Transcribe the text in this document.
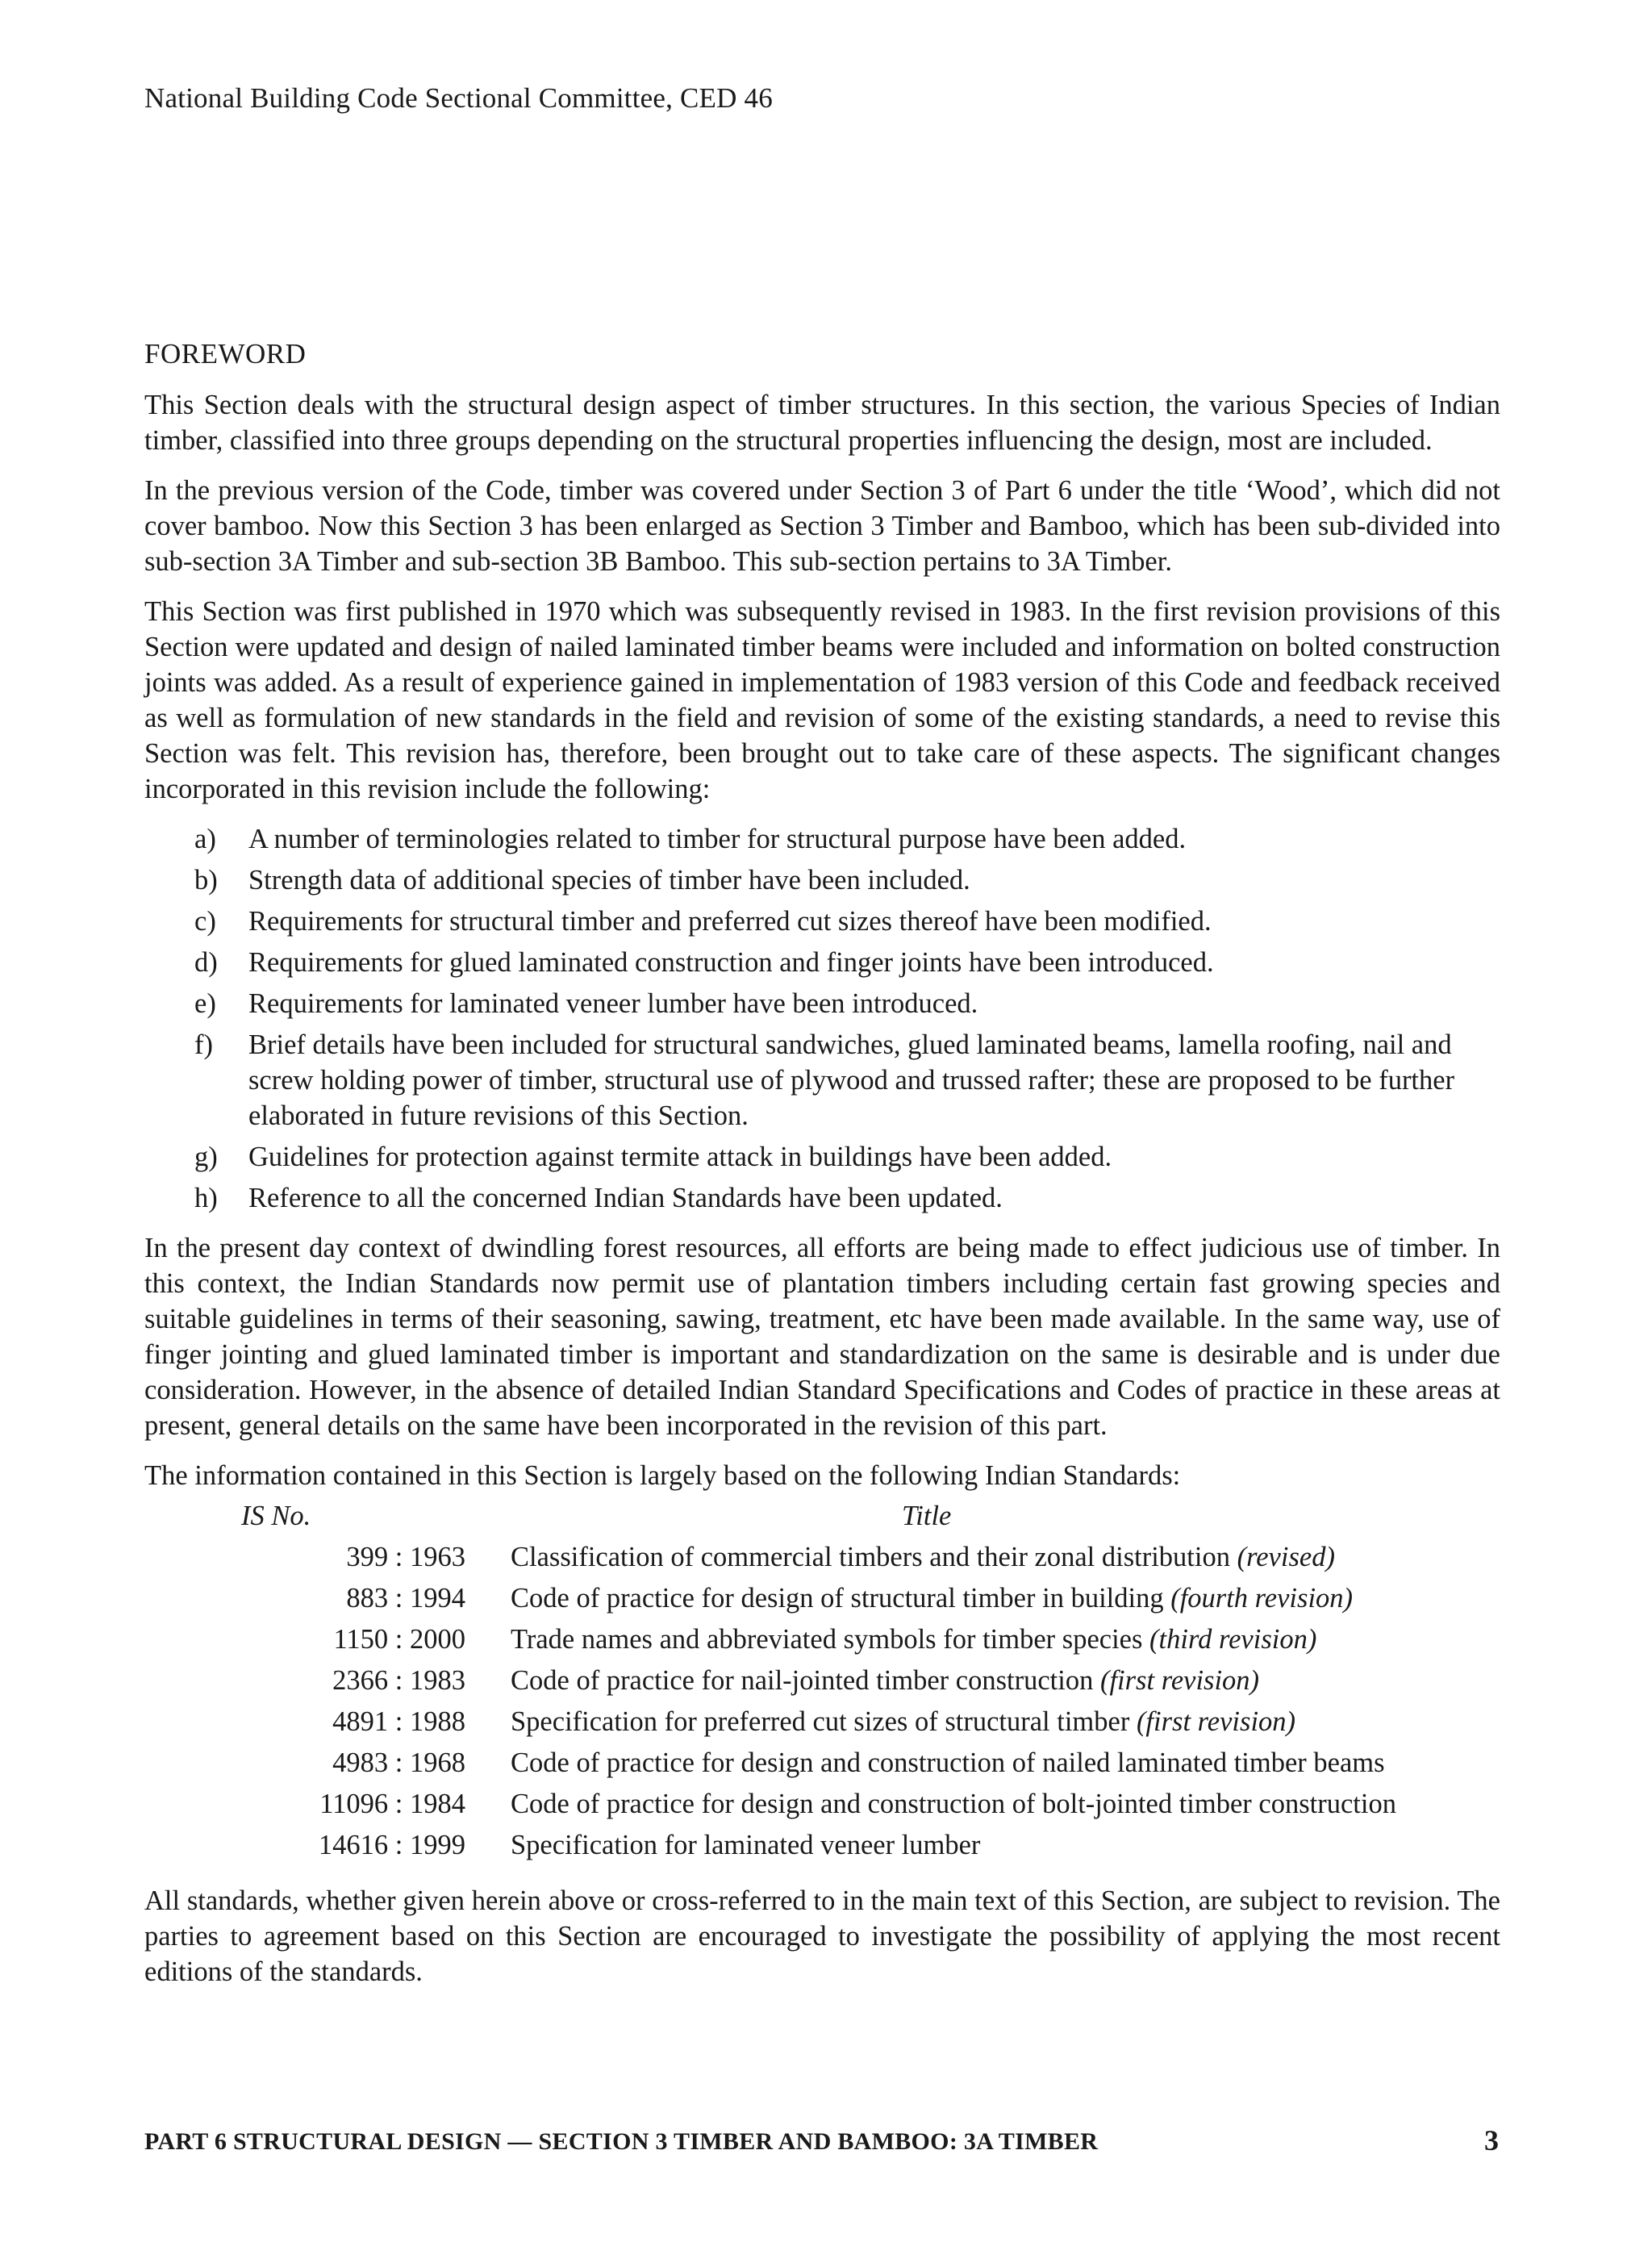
National Building Code Sectional Committee, CED 46
FOREWORD

This Section deals with the structural design aspect of timber structures. In this section, the various Species of Indian timber, classified into three groups depending on the structural properties influencing the design, most are included.

In the previous version of the Code, timber was covered under Section 3 of Part 6 under the title ‘Wood’, which did not cover bamboo. Now this Section 3 has been enlarged as Section 3 Timber and Bamboo, which has been sub-divided into sub-section 3A Timber and sub-section 3B Bamboo. This sub-section pertains to 3A Timber.

This Section was first published in 1970 which was subsequently revised in 1983. In the first revision provisions of this Section were updated and design of nailed laminated timber beams were included and information on bolted construction joints was added. As a result of experience gained in implementation of 1983 version of this Code and feedback received as well as formulation of new standards in the field and revision of some of the existing standards, a need to revise this Section was felt. This revision has, therefore, been brought out to take care of these aspects. The significant changes incorporated in this revision include the following:

a)	A number of terminologies related to timber for structural purpose have been added.
b)	Strength data of additional species of timber have been included.
c)	Requirements for structural timber and preferred cut sizes thereof have been modified.
d)	Requirements for glued laminated construction and finger joints have been introduced.
e)	Requirements for laminated veneer lumber have been introduced.
f)	Brief details have been included for structural sandwiches, glued laminated beams, lamella roofing, nail and screw holding power of timber, structural use of plywood and trussed rafter; these are proposed to be further elaborated in future revisions of this Section.
g)	Guidelines for protection against termite attack in buildings have been added.
h)	Reference to all the concerned Indian Standards have been updated.

In the present day context of dwindling forest resources, all efforts are being made to effect judicious use of timber. In this context, the Indian Standards now permit use of plantation timbers including certain fast growing species and suitable guidelines in terms of their seasoning, sawing, treatment, etc have been made available. In the same way, use of finger jointing and glued laminated timber is important and standardization on the same is desirable and is under due consideration. However, in the absence of detailed Indian Standard Specifications and Codes of practice in these areas at present, general details on the same have been incorporated in the revision of this part.

The information contained in this Section is largely based on the following Indian Standards:

IS No.	Title
399 : 1963	Classification of commercial timbers and their zonal distribution (revised)
883 : 1994	Code of practice for design of structural timber in building (fourth revision)
1150 : 2000	Trade names and abbreviated symbols for timber species (third revision)
2366 : 1983	Code of practice for nail-jointed timber construction (first revision)
4891 : 1988	Specification for preferred cut sizes of structural timber (first revision)
4983 : 1968	Code of practice for design and construction of nailed laminated timber beams
11096 : 1984	Code of practice for design and construction of bolt-jointed timber construction
14616 : 1999	Specification for laminated veneer lumber

All standards, whether given herein above or cross-referred to in the main text of this Section, are subject to revision. The parties to agreement based on this Section are encouraged to investigate the possibility of applying the most recent editions of the standards.

PART 6 STRUCTURAL DESIGN — SECTION 3 TIMBER AND BAMBOO: 3A TIMBER	3
